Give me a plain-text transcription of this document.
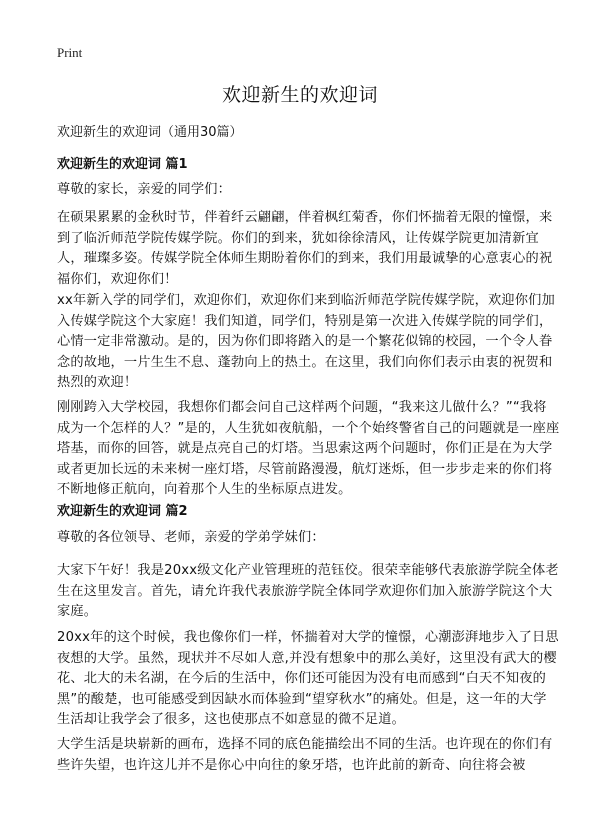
Print
欢迎新生的欢迎词

欢迎新生的欢迎词（通用30篇）

欢迎新生的欢迎词 篇1

尊敬的家长，亲爱的同学们：

在硕果累累的金秋时节，伴着纤云翩翩，伴着枫红菊香，你们怀揣着无限的憧憬，来到了临沂师范学院传媒学院。你们的到来，犹如徐徐清风，让传媒学院更加清新宜人，璀璨多姿。传媒学院全体师生期盼着你们的到来，我们用最诚挚的心意衷心的祝福你们，欢迎你们！

xx年新入学的同学们，欢迎你们，欢迎你们来到临沂师范学院传媒学院，欢迎你们加入传媒学院这个大家庭！我们知道，同学们，特别是第一次进入传媒学院的同学们，心情一定非常激动。是的，因为你们即将踏入的是一个繁花似锦的校园，一个令人眷念的故地，一片生生不息、蓬勃向上的热土。在这里，我们向你们表示由衷的祝贺和热烈的欢迎！

刚刚跨入大学校园，我想你们都会问自己这样两个问题，“我来这儿做什么？”“我将成为一个怎样的人？”是的，人生犹如夜航船，一个个始终警省自己的问题就是一座座塔基，而你的回答，就是点亮自己的灯塔。当思索这两个问题时，你们正是在为大学或者更加长远的未来树一座灯塔，尽管前路漫漫，航灯迷烁，但一步步走来的你们将不断地修正航向，向着那个人生的坐标原点进发。

欢迎新生的欢迎词 篇2

尊敬的各位领导、老师，亲爱的学弟学妹们：

大家下午好！我是20xx级文化产业管理班的范钰佼。很荣幸能够代表旅游学院全体老生在这里发言。首先，请允许我代表旅游学院全体同学欢迎你们加入旅游学院这个大家庭。

20xx年的这个时候，我也像你们一样，怀揣着对大学的憧憬，心潮澎湃地步入了日思夜想的大学。虽然，现状并不尽如人意,并没有想象中的那么美好，这里没有武大的樱花、北大的未名湖，在今后的生活中，你们还可能因为没有电而感到“白天不知夜的黑”的酸楚，也可能感受到因缺水而体验到“望穿秋水”的痛处。但是，这一年的大学生活却让我学会了很多，这也使那点不如意显的微不足道。

大学生活是块崭新的画布，选择不同的底色能描绘出不同的生活。也许现在的你们有些许失望，也许这儿并不是你心中向往的象牙塔，也许此前的新奇、向往将会被
